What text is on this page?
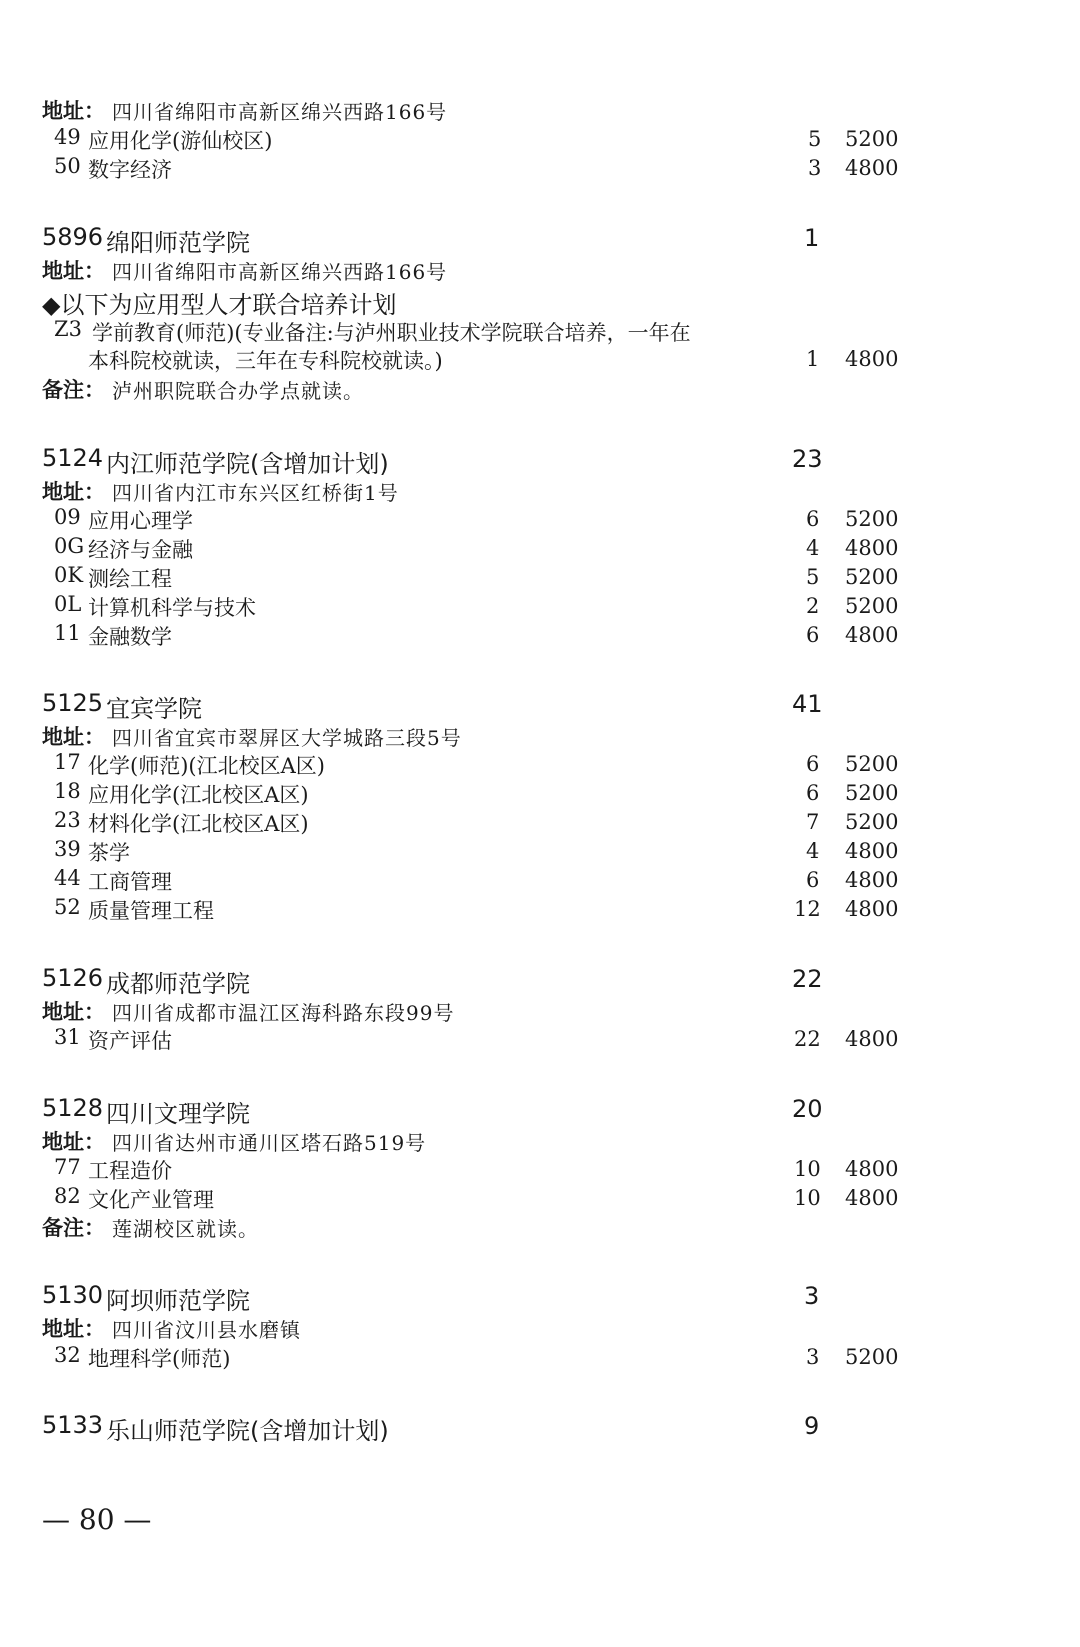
地址： 四川省绵阳市高新区绵兴西路166号
49 应用化学(游仙校区)	5 5200
50 数字经济	3 4800
5896 绵阳师范学院	1
地址： 四川省绵阳市高新区绵兴西路166号
◆以下为应用型人才联合培养计划
Z3 学前教育(师范)(专业备注:与泸州职业技术学院联合培养，一年在
本科院校就读，三年在专科院校就读。)	1 4800
备注： 泸州职院联合办学点就读。
5124 内江师范学院(含增加计划)	23
地址： 四川省内江市东兴区红桥街1号
09 应用心理学	6 5200
0G 经济与金融	4 4800
0K 测绘工程	5 5200
0L 计算机科学与技术	2 5200
11 金融数学	6 4800
5125 宜宾学院	41
地址： 四川省宜宾市翠屏区大学城路三段5号
17 化学(师范)(江北校区A区)	6 5200
18 应用化学(江北校区A区)	6 5200
23 材料化学(江北校区A区)	7 5200
39 茶学	4 4800
44 工商管理	6 4800
52 质量管理工程	12 4800
5126 成都师范学院	22
地址： 四川省成都市温江区海科路东段99号
31 资产评估	22 4800
5128 四川文理学院	20
地址： 四川省达州市通川区塔石路519号
77 工程造价	10 4800
82 文化产业管理	10 4800
备注： 莲湖校区就读。
5130 阿坝师范学院	3
地址： 四川省汶川县水磨镇
32 地理科学(师范)	3 5200
5133 乐山师范学院(含增加计划)	9
— 80 —
